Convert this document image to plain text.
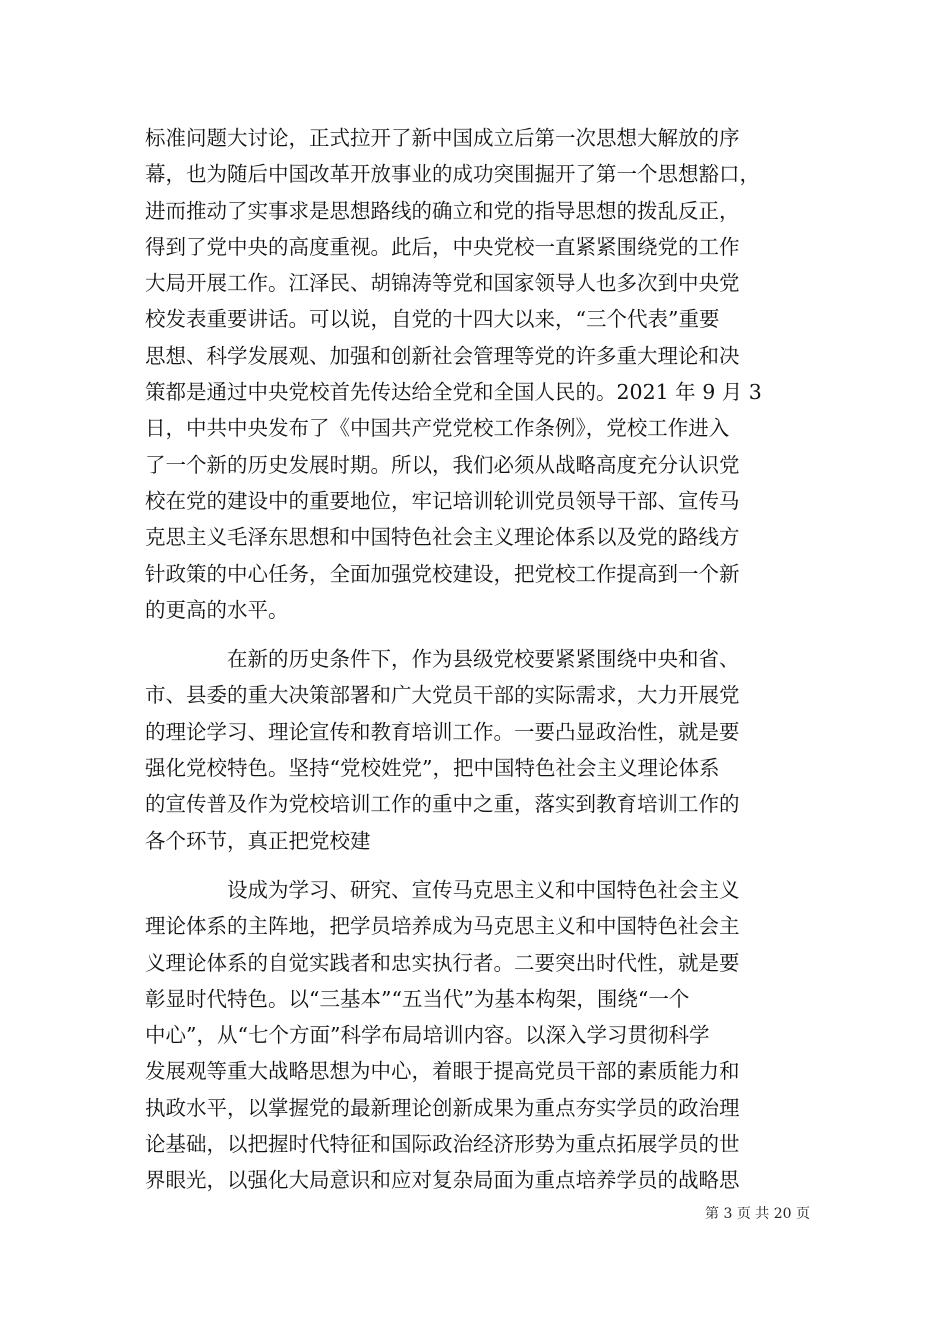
标准问题大讨论，正式拉开了新中国成立后第一次思想大解放的序
幕，也为随后中国改革开放事业的成功突围掘开了第一个思想豁口，
进而推动了实事求是思想路线的确立和党的指导思想的拨乱反正，
得到了党中央的高度重视。此后，中央党校一直紧紧围绕党的工作
大局开展工作。江泽民、胡锦涛等党和国家领导人也多次到中央党
校发表重要讲话。可以说，自党的十四大以来，“三个代表”重要
思想、科学发展观、加强和创新社会管理等党的许多重大理论和决
策都是通过中央党校首先传达给全党和全国人民的。2021 年 9 月 3
日，中共中央发布了《中国共产党党校工作条例》，党校工作进入
了一个新的历史发展时期。所以，我们必须从战略高度充分认识党
校在党的建设中的重要地位，牢记培训轮训党员领导干部、宣传马
克思主义毛泽东思想和中国特色社会主义理论体系以及党的路线方
针政策的中心任务，全面加强党校建设，把党校工作提高到一个新
的更高的水平。
　　　　在新的历史条件下，作为县级党校要紧紧围绕中央和省、
市、县委的重大决策部署和广大党员干部的实际需求，大力开展党
的理论学习、理论宣传和教育培训工作。一要凸显政治性，就是要
强化党校特色。坚持“党校姓党”，把中国特色社会主义理论体系
的宣传普及作为党校培训工作的重中之重，落实到教育培训工作的
各个环节，真正把党校建
　　　　设成为学习、研究、宣传马克思主义和中国特色社会主义
理论体系的主阵地，把学员培养成为马克思主义和中国特色社会主
义理论体系的自觉实践者和忠实执行者。二要突出时代性，就是要
彰显时代特色。以“三基本”“五当代”为基本构架，围绕“一个
中心”，从“七个方面”科学布局培训内容。以深入学习贯彻科学
发展观等重大战略思想为中心，着眼于提高党员干部的素质能力和
执政水平，以掌握党的最新理论创新成果为重点夯实学员的政治理
论基础，以把握时代特征和国际政治经济形势为重点拓展学员的世
界眼光，以强化大局意识和应对复杂局面为重点培养学员的战略思
第 3 页 共 20 页
